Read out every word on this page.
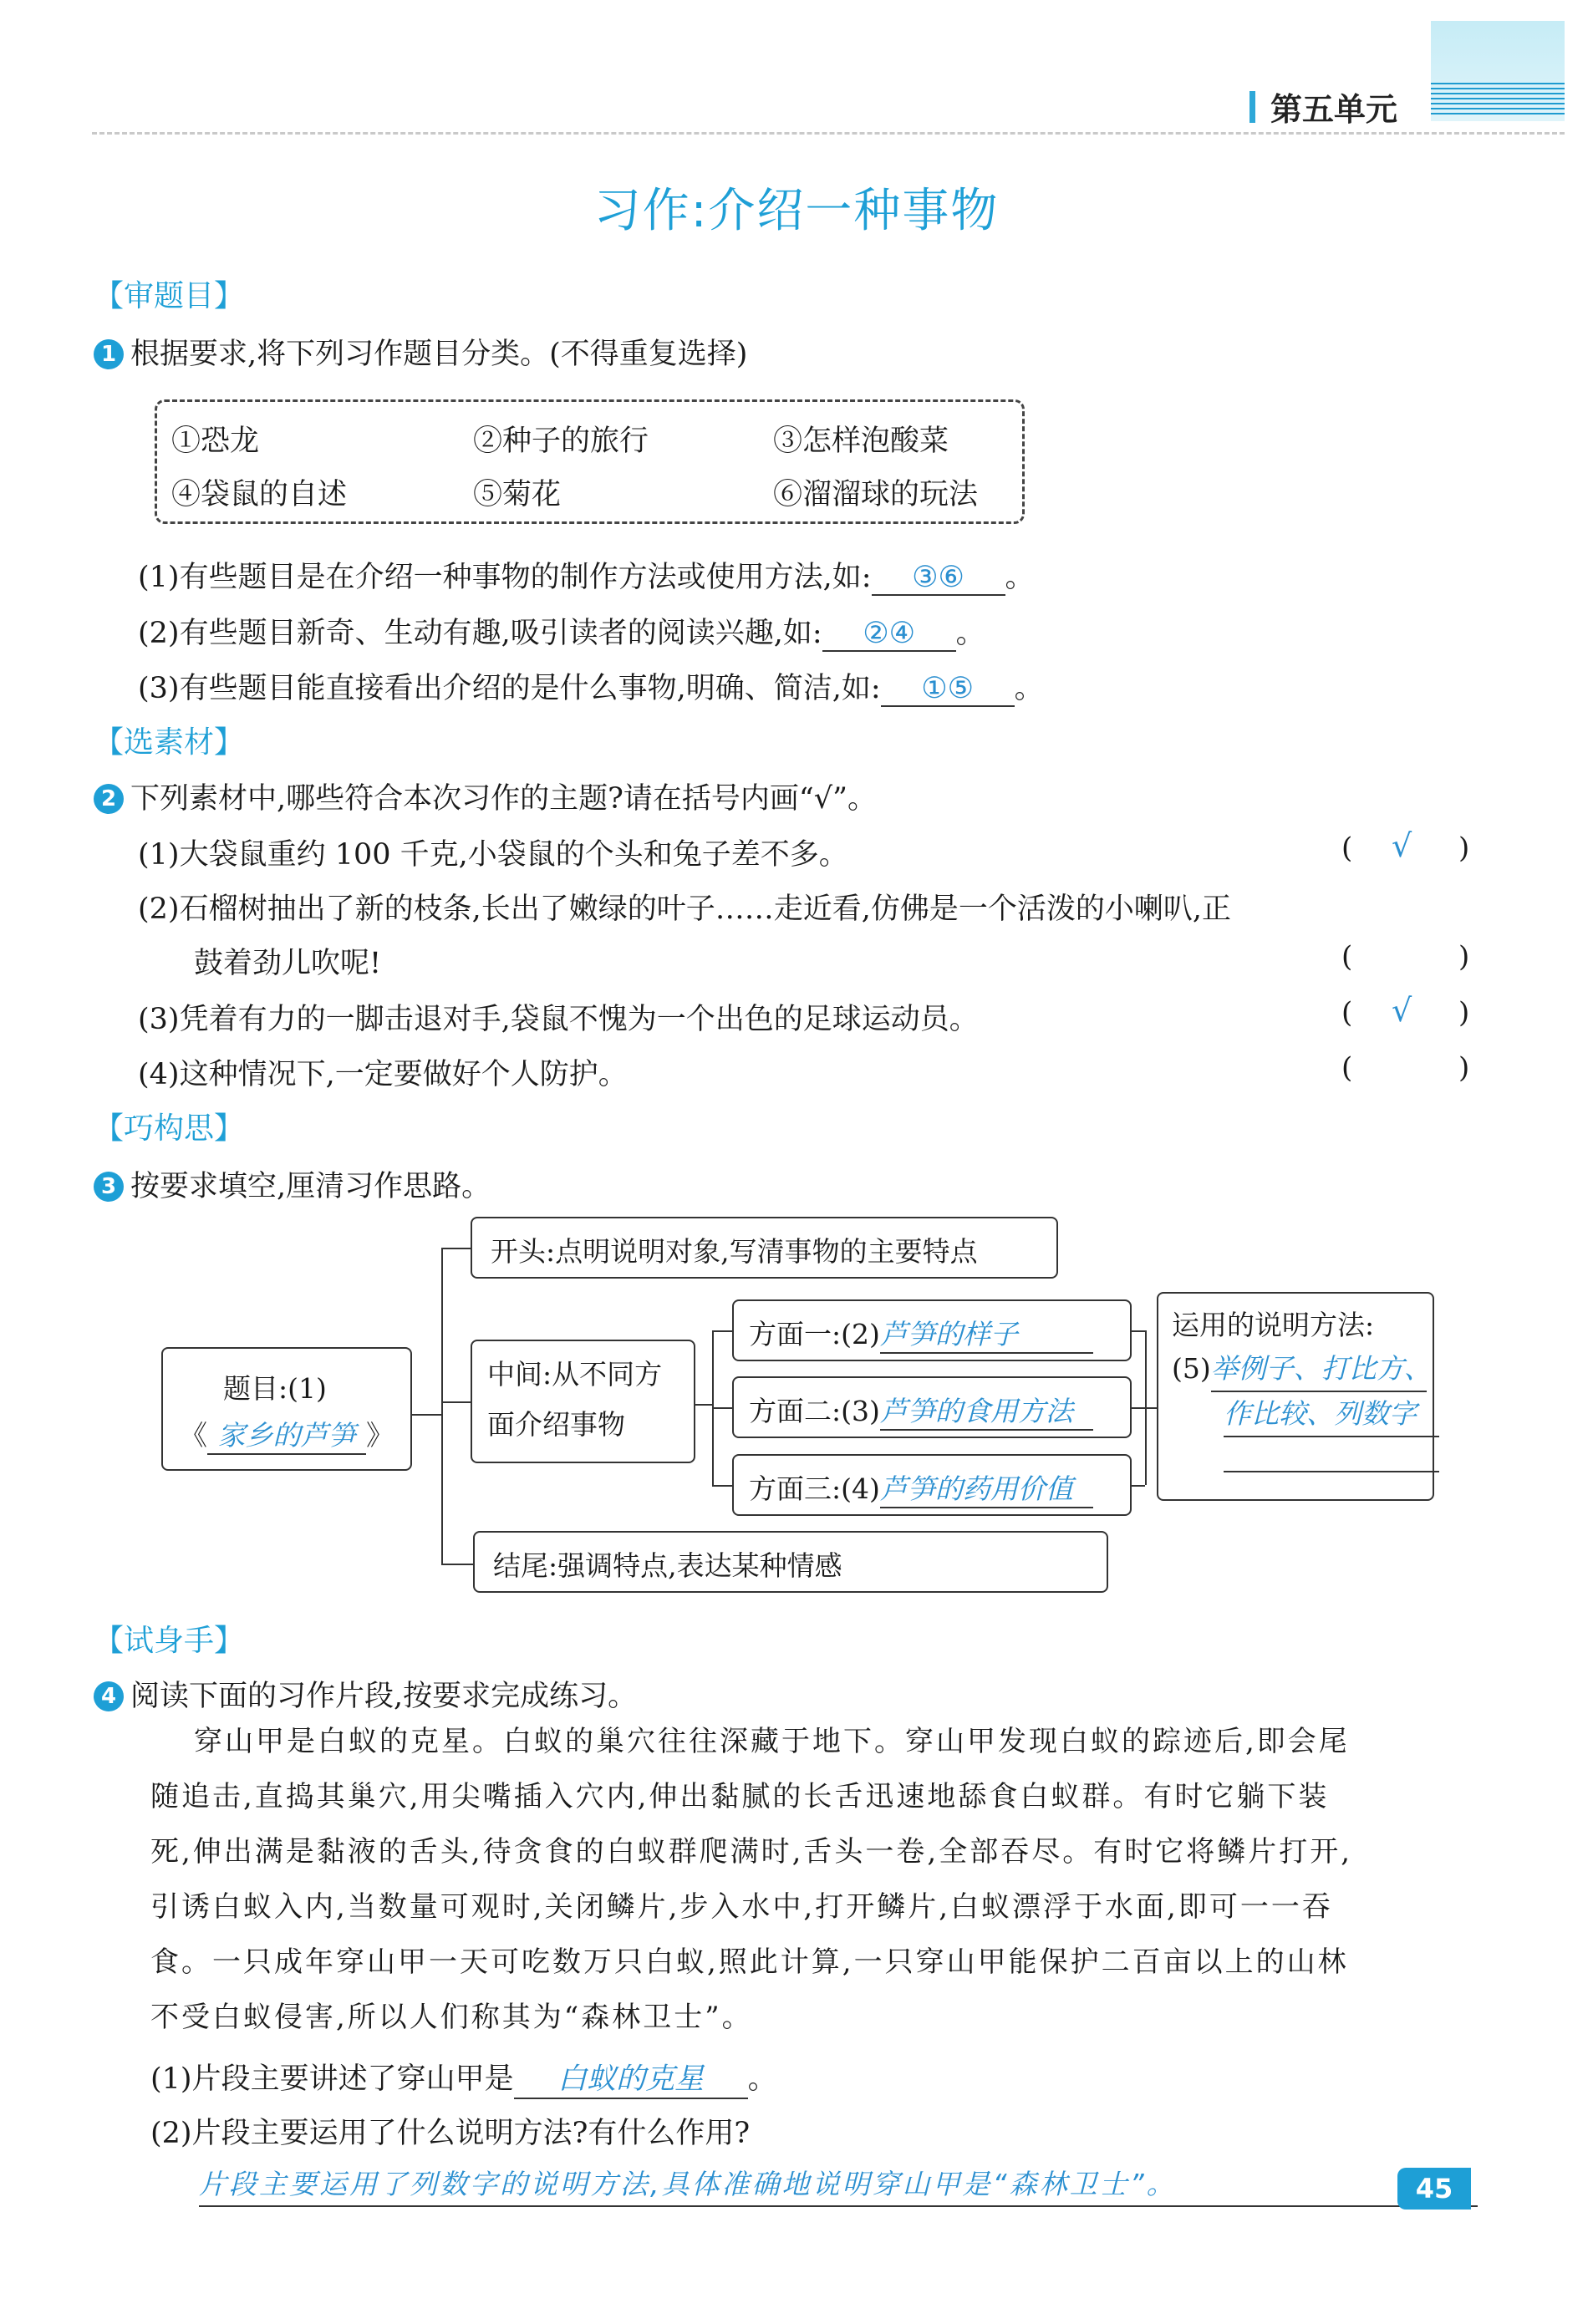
第五单元
习作:介绍一种事物
【审题目】
1 根据要求,将下列习作题目分类。(不得重复选择)
①恐龙	②种子的旅行	③怎样泡酸菜
④袋鼠的自述	⑤菊花	⑥溜溜球的玩法
(1)有些题目是在介绍一种事物的制作方法或使用方法,如: ③⑥ 。
(2)有些题目新奇、生动有趣,吸引读者的阅读兴趣,如: ②④ 。
(3)有些题目能直接看出介绍的是什么事物,明确、简洁,如: ①⑤ 。
【选素材】
2 下列素材中,哪些符合本次习作的主题?请在括号内画“√”。
(1)大袋鼠重约 100 千克,小袋鼠的个头和兔子差不多。	( √ )
(2)石榴树抽出了新的枝条,长出了嫩绿的叶子……走近看,仿佛是一个活泼的小喇叭,正
鼓着劲儿吹呢!	(	)
(3)凭着有力的一脚击退对手,袋鼠不愧为一个出色的足球运动员。	( √ )
(4)这种情况下,一定要做好个人防护。	(	)
【巧构思】
3 按要求填空,厘清习作思路。
题目:(1)
《 家乡的芦笋 》
开头:点明说明对象,写清事物的主要特点
中间:从不同方
面介绍事物
方面一:(2)芦笋的样子
方面二:(3)芦笋的食用方法
方面三:(4)芦笋的药用价值
运用的说明方法:
(5)举例子、打比方、
作比较、列数字
结尾:强调特点,表达某种情感
【试身手】
4 阅读下面的习作片段,按要求完成练习。
穿山甲是白蚁的克星。白蚁的巢穴往往深藏于地下。穿山甲发现白蚁的踪迹后,即会尾
随追击,直捣其巢穴,用尖嘴插入穴内,伸出黏腻的长舌迅速地舔食白蚁群。有时它躺下装
死,伸出满是黏液的舌头,待贪食的白蚁群爬满时,舌头一卷,全部吞尽。有时它将鳞片打开,
引诱白蚁入内,当数量可观时,关闭鳞片,步入水中,打开鳞片,白蚁漂浮于水面,即可一一吞
食。一只成年穿山甲一天可吃数万只白蚁,照此计算,一只穿山甲能保护二百亩以上的山林
不受白蚁侵害,所以人们称其为“森林卫士”。
(1)片段主要讲述了穿山甲是 白蚁的克星 。
(2)片段主要运用了什么说明方法?有什么作用?
片段主要运用了列数字的说明方法,具体准确地说明穿山甲是“森林卫士”。	45
